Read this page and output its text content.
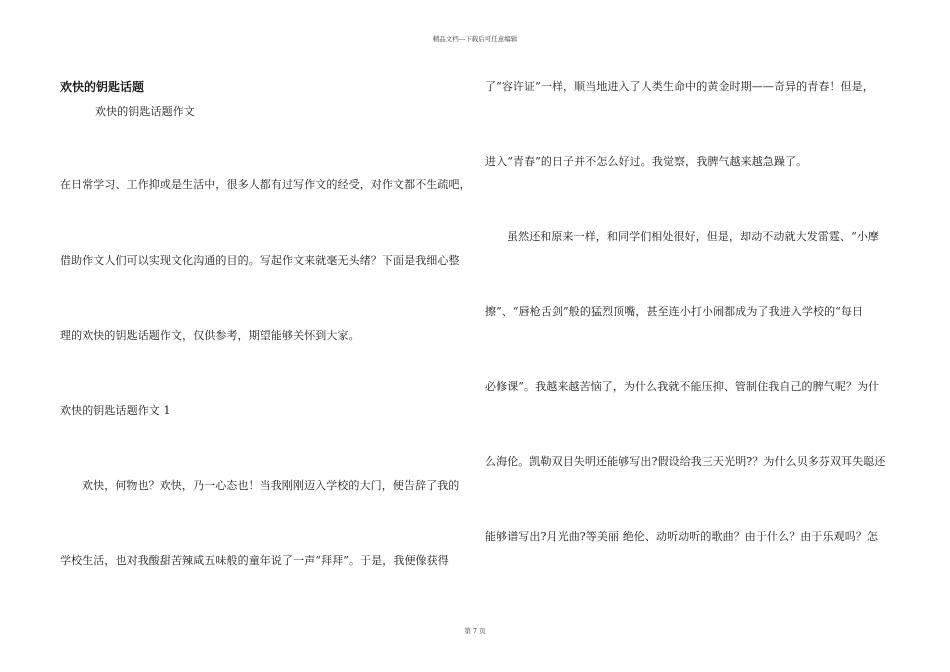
精品文档---下载后可任意编辑
欢快的钥匙话题
欢快的钥匙话题作文
在日常学习、工作抑或是生活中，很多人都有过写作文的经受，对作文都不生疏吧，
借助作文人们可以实现文化沟通的目的。写起作文来就毫无头绪？下面是我细心整
理的欢快的钥匙话题作文，仅供参考，期望能够关怀到大家。
欢快的钥匙话题作文 1
欢快，何物也？欢快，乃一心态也！当我刚刚迈入学校的大门，便告辞了我的
学校生活，也对我酸甜苦辣咸五味般的童年说了一声“拜拜”。于是，我便像获得
了“容许证”一样，顺当地进入了人类生命中的黄金时期——奇异的青春！但是，
进入“青春”的日子并不怎么好过。我觉察，我脾气越来越急躁了。
虽然还和原来一样，和同学们相处很好，但是，却动不动就大发雷霆、“小摩
擦”、“唇枪舌剑”般的猛烈顶嘴，甚至连小打小闹都成为了我进入学校的“每日
必修课”。我越来越苦恼了，为什么我就不能压抑、管制住我自己的脾气呢？为什
么海伦。凯勒双目失明还能够写出?假设给我三天光明?？为什么贝多芬双耳失聪还
能够谱写出?月光曲?等美丽 绝伦、动听动听的歌曲？由于什么？由于乐观吗？怎
第 7 页
